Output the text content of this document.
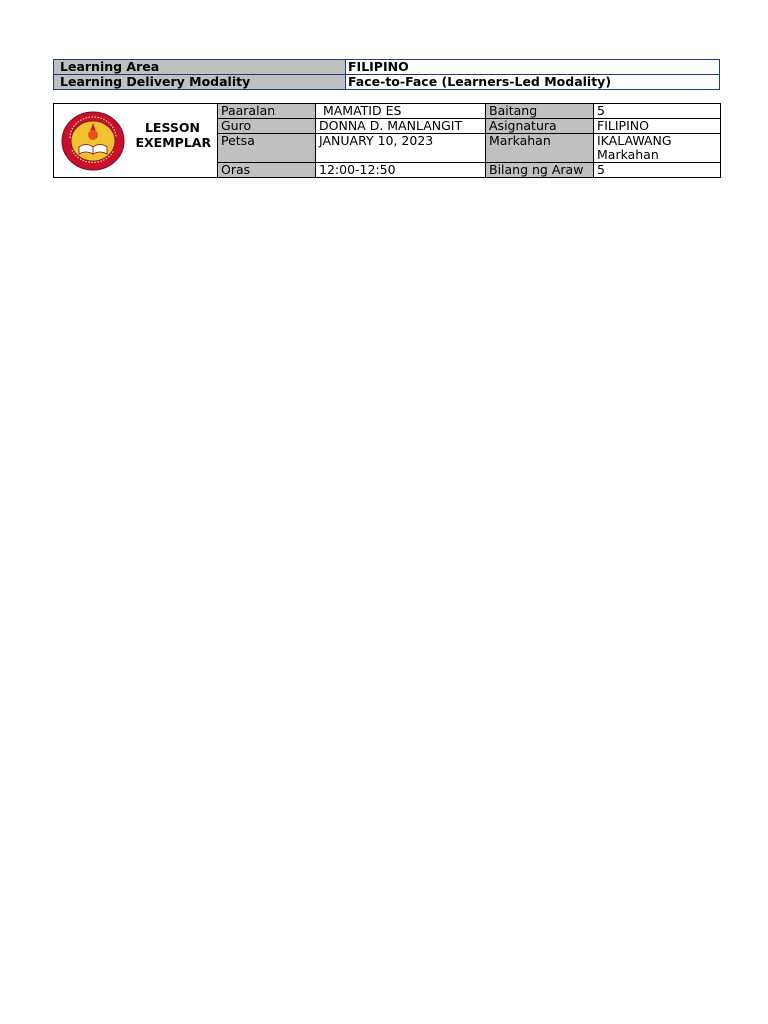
Learning Area	FILIPINO
Learning Delivery Modality	Face-to-Face (Learners-Led Modality)

LESSON
EXEMPLAR	Paaralan	MAMATID ES	Baitang	5
		Guro	DONNA D. MANLANGIT	Asignatura	FILIPINO
		Petsa	JANUARY 10, 2023	Markahan	IKALAWANG Markahan
		Oras	12:00-12:50	Bilang ng Araw	5
